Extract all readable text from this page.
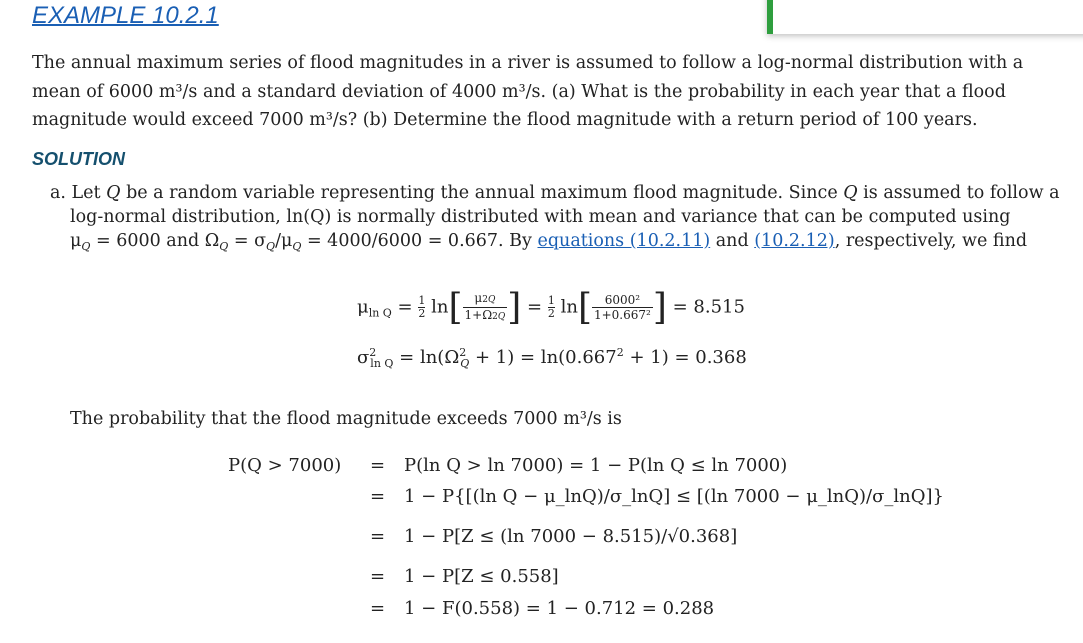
EXAMPLE 10.2.1
The annual maximum series of flood magnitudes in a river is assumed to follow a log-normal distribution with a mean of 6000 m³/s and a standard deviation of 4000 m³/s. (a) What is the probability in each year that a flood magnitude would exceed 7000 m³/s? (b) Determine the flood magnitude with a return period of 100 years.
SOLUTION
a. Let Q be a random variable representing the annual maximum flood magnitude. Since Q is assumed to follow a
log-normal distribution, ln(Q) is normally distributed with mean and variance that can be computed using
$\mu_Q = 6000$ and $\Omega_Q = \sigma_Q/\mu_Q = 4000/6000 = 0.667$. By equations (10.2.11) and (10.2.12), respectively, we find
$\mu_{ln Q} = \frac{1}{2} \ln[ \frac{\mu 2Q}{1+\Omega 2Q}$ ] = $\frac{1}{2} \ln[ \frac{\text{6000²}}{\text{1+0.667²}}$ ] = 8.515
$\sigma^2_{ln Q} = \ln(\Omega^2_Q + 1) = \ln(0.667^2 + 1) = 0.368$
The probability that the flood magnitude exceeds 7000 m³/s is
P(Q > 7000) = P(ln Q > ln 7000) = 1 − P(ln Q ≤ ln 7000)
= 1 − P{[(ln Q − μ_lnQ)/σ_lnQ] ≤ [(ln 7000 − μ_lnQ)/σ_lnQ]}
= 1 − P[Z ≤ (ln 7000 − 8.515)/√0.368]
= 1 − P[Z ≤ 0.558]
= 1 − F(0.558) = 1 − 0.712 = 0.288
